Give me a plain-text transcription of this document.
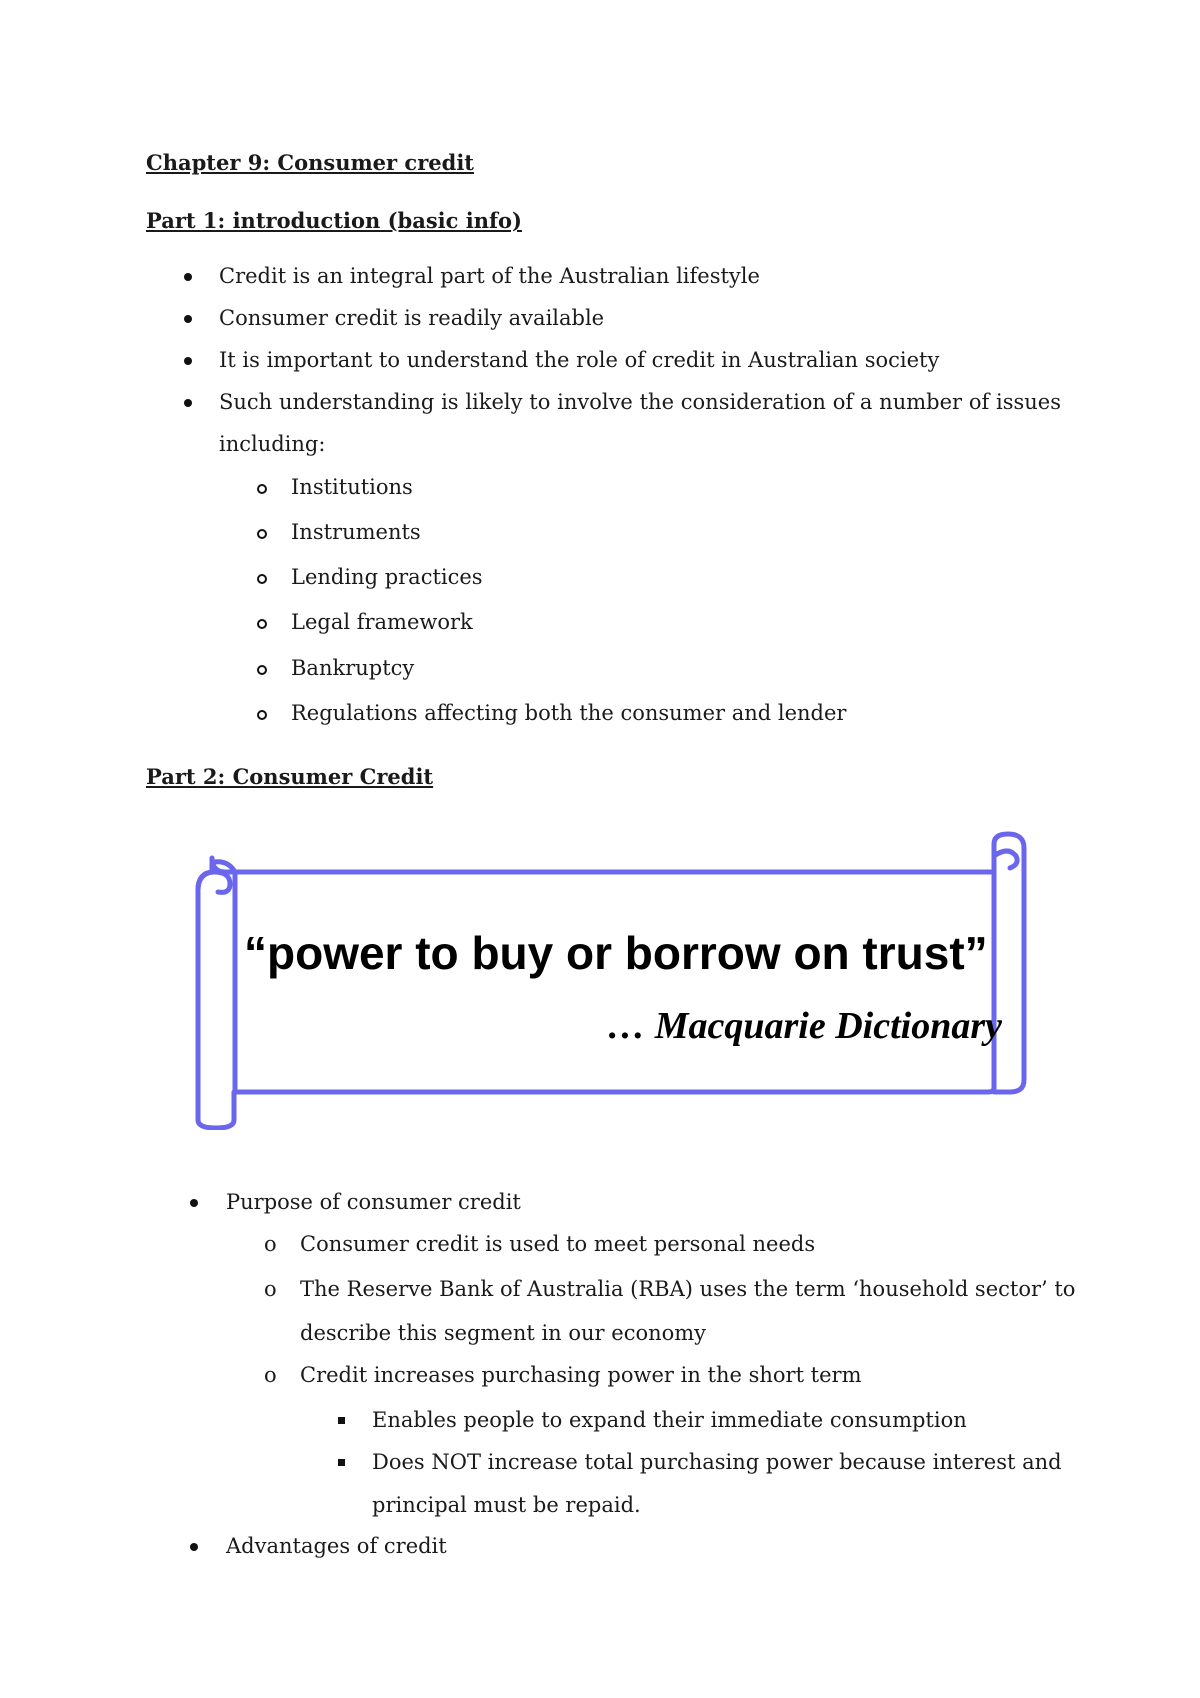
Chapter 9: Consumer credit
Part 1: introduction (basic info)
Credit is an integral part of the Australian lifestyle
Consumer credit is readily available
It is important to understand the role of credit in Australian society
Such understanding is likely to involve the consideration of a number of issues
including:
Institutions
Instruments
Lending practices
Legal framework
Bankruptcy
Regulations affecting both the consumer and lender
Part 2: Consumer Credit
“power to buy or borrow on trust”
… Macquarie Dictionary
Purpose of consumer credit
o Consumer credit is used to meet personal needs
o The Reserve Bank of Australia (RBA) uses the term ‘household sector’ to
describe this segment in our economy
o Credit increases purchasing power in the short term
Enables people to expand their immediate consumption
Does NOT increase total purchasing power because interest and
principal must be repaid.
Advantages of credit
